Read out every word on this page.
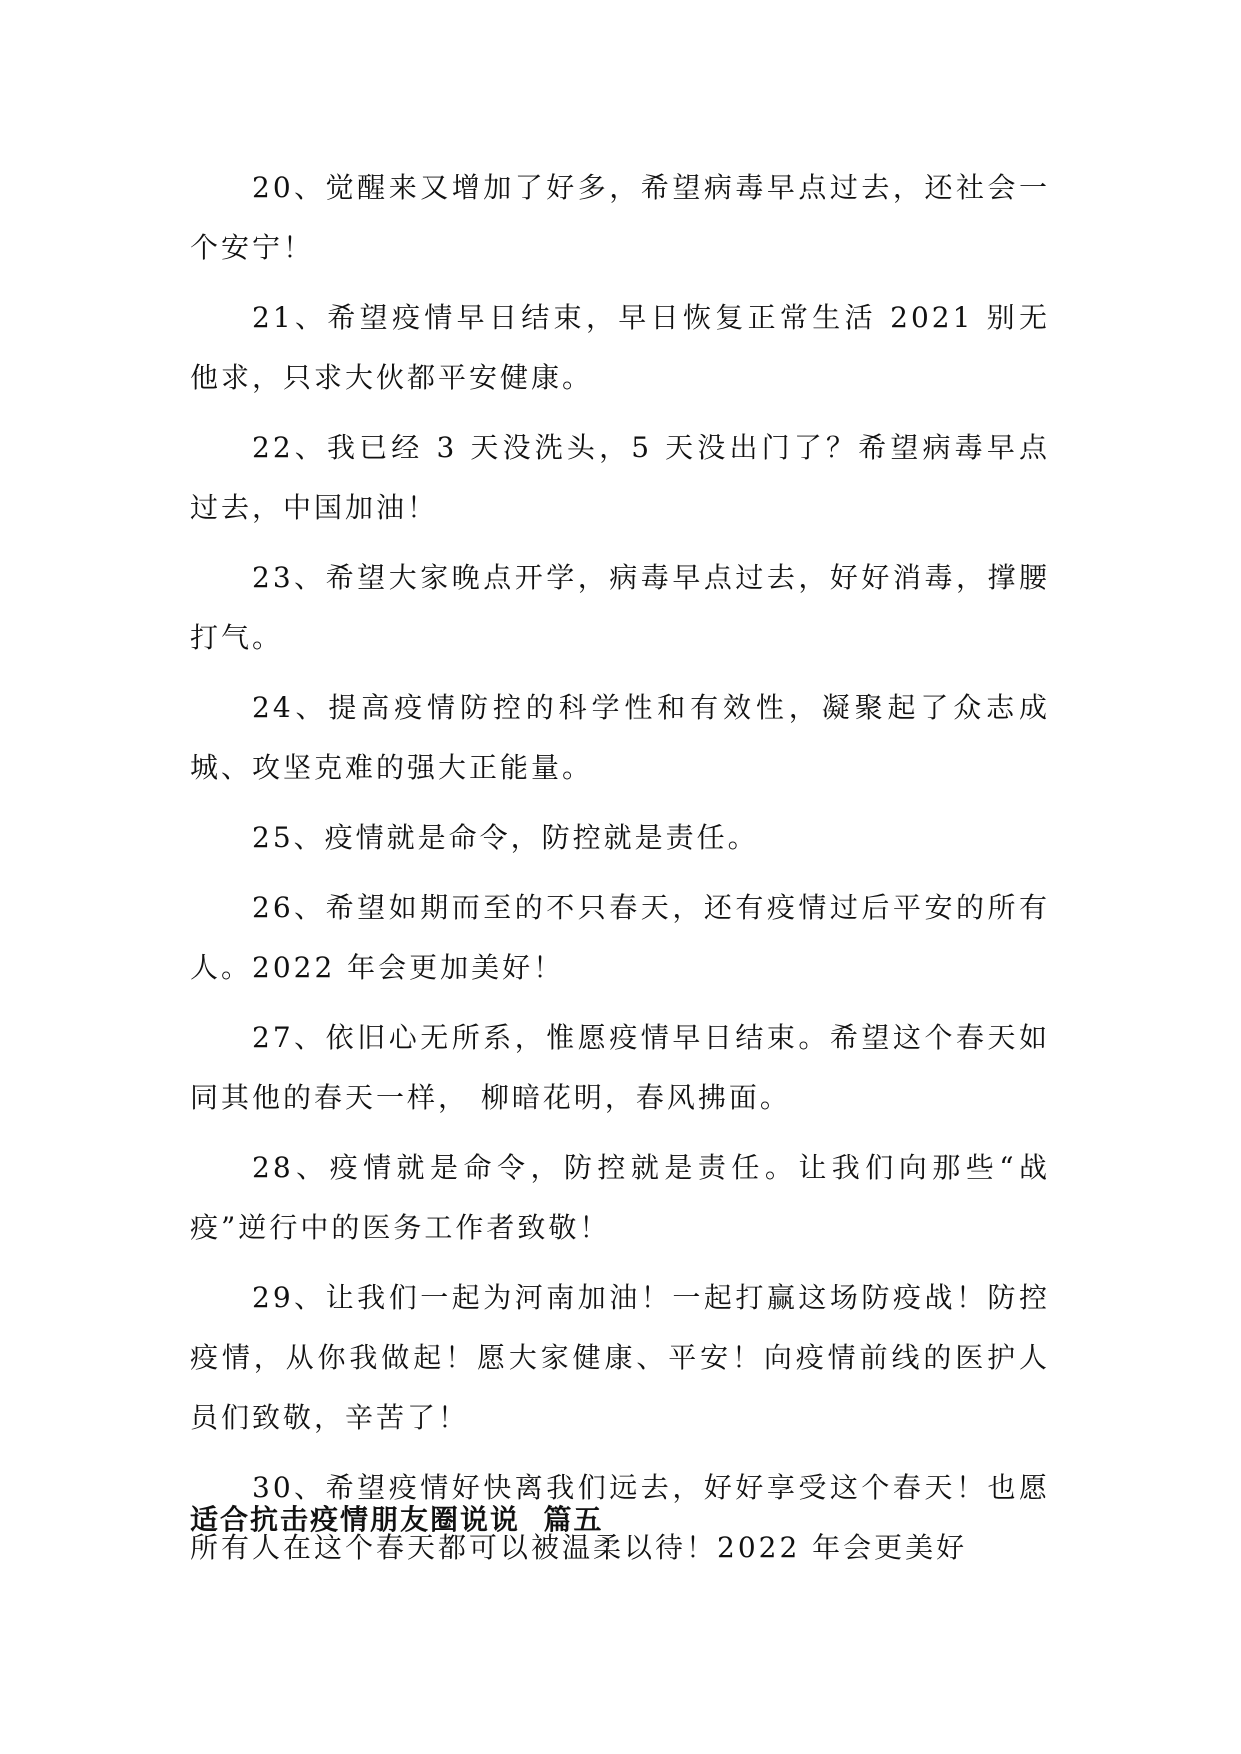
20、觉醒来又增加了好多，希望病毒早点过去，还社会一个安宁！

21、希望疫情早日结束，早日恢复正常生活 2021 别无他求，只求大伙都平安健康。

22、我已经 3 天没洗头，5 天没出门了？希望病毒早点过去，中国加油！

23、希望大家晚点开学，病毒早点过去，好好消毒，撑腰打气。

24、提高疫情防控的科学性和有效性，凝聚起了众志成城、攻坚克难的强大正能量。

25、疫情就是命令，防控就是责任。

26、希望如期而至的不只春天，还有疫情过后平安的所有人。2022 年会更加美好！

27、依旧心无所系，惟愿疫情早日结束。希望这个春天如同其他的春天一样， 柳暗花明，春风拂面。

28、疫情就是命令，防控就是责任。让我们向那些“战疫”逆行中的医务工作者致敬！

29、让我们一起为河南加油！一起打赢这场防疫战！防控疫情，从你我做起！愿大家健康、平安！向疫情前线的医护人员们致敬，辛苦了！

30、希望疫情好快离我们远去，好好享受这个春天！也愿所有人在这个春天都可以被温柔以待！2022 年会更美好

适合抗击疫情朋友圈说说  篇五
